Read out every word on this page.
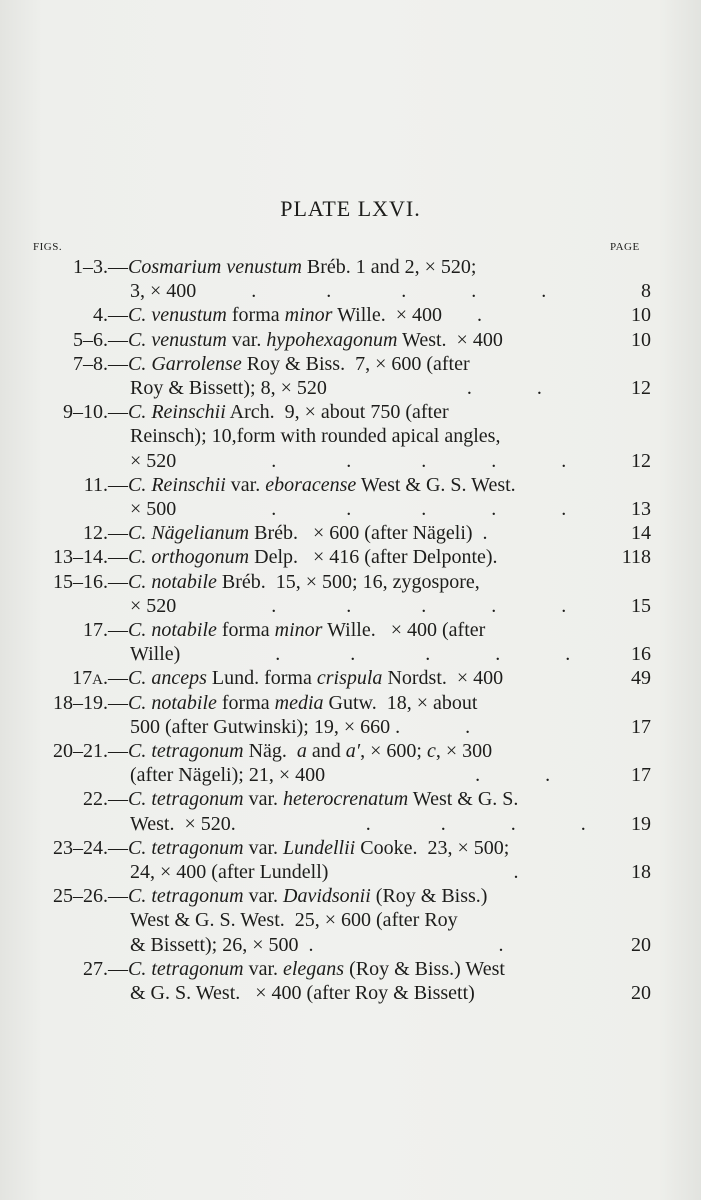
PLATE LXVI.
FIGS.	PAGE
1–3.— Cosmarium venustum Bréb. 1 and 2, × 520;
3, × 400           .              .              .             .             .	8
4.— C. venustum forma minor Wille.  × 400       .	10
5–6.— C. venustum var. hypohexagonum West.  × 400	10
7–8.— C. Garrolense Roy & Biss.  7, × 600 (after
Roy & Bissett); 8, × 520                            .             .	12
9–10.— C. Reinschii Arch.  9, × about 750 (after
Reinsch); 10,form with rounded apical angles,
× 520                   .              .              .             .             .	12
11.— C. Reinschii var. eboracense West & G. S. West.
× 500                   .              .              .             .             .	13
12.— C. Nägelianum Bréb.   × 600 (after Nägeli)  .	14
13–14.— C. orthogonum Delp.   × 416 (after Delponte).	118
15–16.— C. notabile Bréb.  15, × 500; 16, zygospore,
× 520                   .              .              .             .             .	15
17.— C. notabile forma minor Wille.   × 400 (after
Wille)                   .              .              .             .             .	16
17A.— C. anceps Lund. forma crispula Nordst.  × 400	49
18–19.— C. notabile forma media Gutw.  18, × about
500 (after Gutwinski); 19, × 660 .             .	17
20–21.— C. tetragonum Näg.  a and a′, × 600; c, × 300
(after Nägeli); 21, × 400                              .             .	17
22.— C. tetragonum var. heterocrenatum West & G. S.
West.  × 520.                          .              .             .             .	19
23–24.— C. tetragonum var. Lundellii Cooke.  23, × 500;
24, × 400 (after Lundell)                                     .	18
25–26.— C. tetragonum var. Davidsonii (Roy & Biss.)
West & G. S. West.  25, × 600 (after Roy
& Bissett); 26, × 500  .                                     .	20
27.— C. tetragonum var. elegans (Roy & Biss.) West
& G. S. West.   × 400 (after Roy & Bissett)	20
